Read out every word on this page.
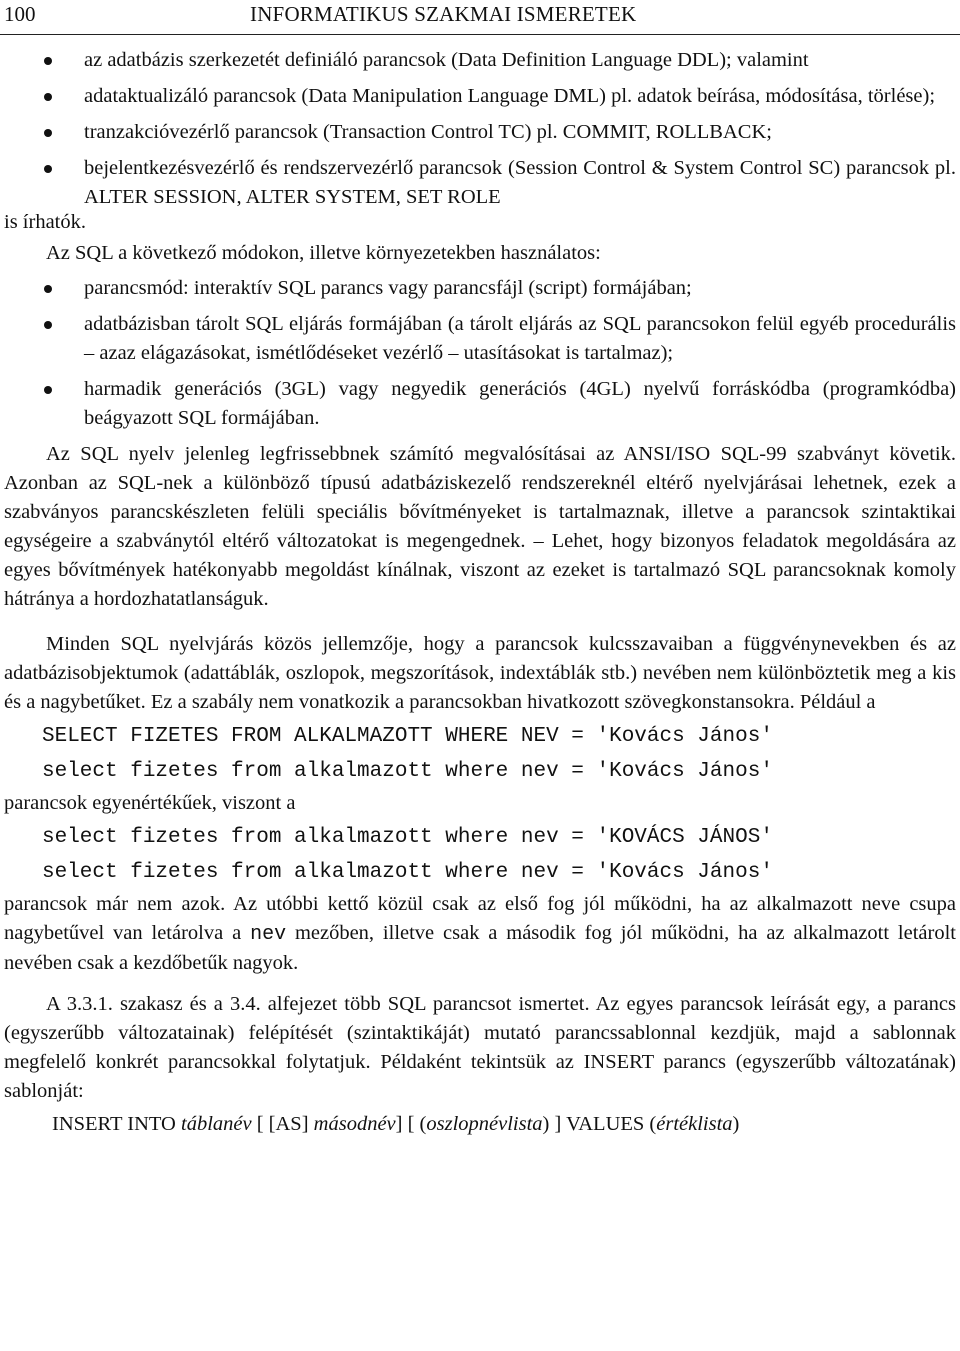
100	INFORMATIKUS SZAKMAI ISMERETEK
az adatbázis szerkezetét definiáló parancsok (Data Definition Language DDL); valamint
adataktualizáló parancsok (Data Manipulation Language DML) pl. adatok beírása, módosítása, törlése);
tranzakcióvezérlő parancsok (Transaction Control TC) pl. COMMIT, ROLLBACK;
bejelentkezésvezérlő és rendszervezérlő parancsok (Session Control & System Control SC) parancsok pl. ALTER SESSION, ALTER SYSTEM, SET ROLE
is írhatók.
Az SQL a következő módokon, illetve környezetekben használatos:
parancsmód: interaktív SQL parancs vagy parancsfájl (script) formájában;
adatbázisban tárolt SQL eljárás formájában (a tárolt eljárás az SQL parancsokon felül egyéb procedurális – azaz elágazásokat, ismétlődéseket vezérlő – utasításokat is tartalmaz);
harmadik generációs (3GL) vagy negyedik generációs (4GL) nyelvű forráskódba (programkódba) beágyazott SQL formájában.
Az SQL nyelv jelenleg legfrissebbnek számító megvalósításai az ANSI/ISO SQL-99 szabványt követik. Azonban az SQL-nek a különböző típusú adatbáziskezelő rendszereknél eltérő nyelvjárásai lehetnek, ezek a szabványos parancskészleten felüli speciális bővítményeket is tartalmaznak, illetve a parancsok szintaktikai egységeire a szabványtól eltérő változatokat is megengednek. – Lehet, hogy bizonyos feladatok megoldására az egyes bővítmények hatékonyabb megoldást kínálnak, viszont az ezeket is tartalmazó SQL parancsoknak komoly hátránya a hordozhatatlanságuk.
Minden SQL nyelvjárás közös jellemzője, hogy a parancsok kulcsszavaiban a függvénynevekben és az adatbázisobjektumok (adattáblák, oszlopok, megszorítások, indextáblák stb.) nevében nem különböztetik meg a kis és a nagybetűket. Ez a szabály nem vonatkozik a parancsokban hivatkozott szövegkonstansokra. Például a
SELECT FIZETES FROM ALKALMAZOTT WHERE NEV = 'Kovács János'
select fizetes from alkalmazott where nev = 'Kovács János'
parancsok egyenértékűek, viszont a
select fizetes from alkalmazott where nev = 'KOVÁCS JÁNOS'
select fizetes from alkalmazott where nev = 'Kovács János'
parancsok már nem azok. Az utóbbi kettő közül csak az első fog jól működni, ha az alkalmazott neve csupa nagybetűvel van letárolva a nev mezőben, illetve csak a második fog jól működni, ha az alkalmazott letárolt nevében csak a kezdőbetűk nagyok.
A 3.3.1. szakasz és a 3.4. alfejezet több SQL parancsot ismertet. Az egyes parancsok leírását egy, a parancs (egyszerűbb változatainak) felépítését (szintaktikáját) mutató parancssablonnal kezdjük, majd a sablonnak megfelelő konkrét parancsokkal folytatjuk. Példaként tekintsük az INSERT parancs (egyszerűbb változatának) sablonját:
INSERT INTO táblanév [ [AS] másodnév] [ (oszlopnévlista) ] VALUES (értéklista)
